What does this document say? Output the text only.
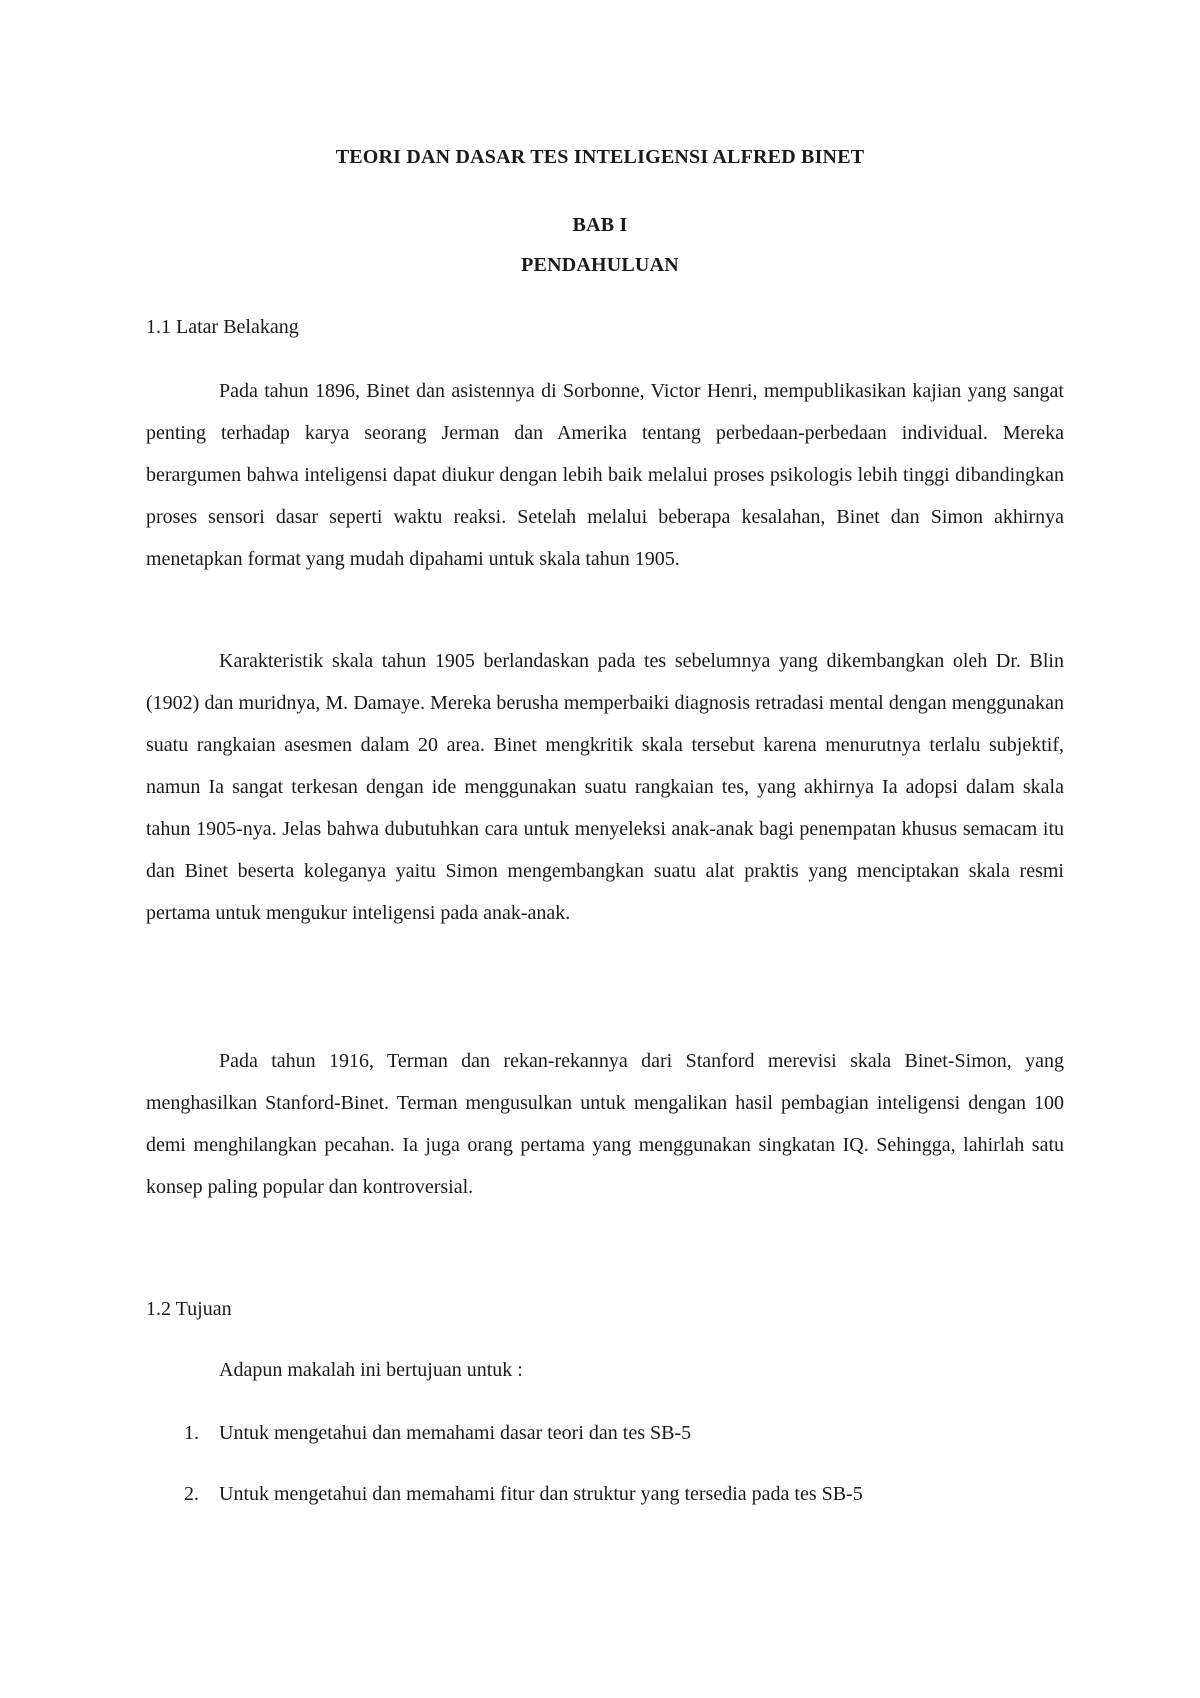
TEORI DAN DASAR TES INTELIGENSI ALFRED BINET
BAB I
PENDAHULUAN
1.1 Latar Belakang

Pada tahun 1896, Binet dan asistennya di Sorbonne, Victor Henri, mempublikasikan kajian yang sangat penting terhadap karya seorang Jerman dan Amerika tentang perbedaan-perbedaan individual. Mereka berargumen bahwa inteligensi dapat diukur dengan lebih baik melalui proses psikologis lebih tinggi dibandingkan proses sensori dasar seperti waktu reaksi. Setelah melalui beberapa kesalahan, Binet dan Simon akhirnya menetapkan format yang mudah dipahami untuk skala tahun 1905.

Karakteristik skala tahun 1905 berlandaskan pada tes sebelumnya yang dikembangkan oleh Dr. Blin (1902) dan muridnya, M. Damaye. Mereka berusha memperbaiki diagnosis retradasi mental dengan menggunakan suatu rangkaian asesmen dalam 20 area. Binet mengkritik skala tersebut karena menurutnya terlalu subjektif, namun Ia sangat terkesan dengan ide menggunakan suatu rangkaian tes, yang akhirnya Ia adopsi dalam skala tahun 1905-nya. Jelas bahwa dubutuhkan cara untuk menyeleksi anak-anak bagi penempatan khusus semacam itu dan Binet beserta koleganya yaitu Simon mengembangkan suatu alat praktis yang menciptakan skala resmi pertama untuk mengukur inteligensi pada anak-anak.

Pada tahun 1916, Terman dan rekan-rekannya dari Stanford merevisi skala Binet-Simon, yang menghasilkan Stanford-Binet. Terman mengusulkan untuk mengalikan hasil pembagian inteligensi dengan 100 demi menghilangkan pecahan. Ia juga orang pertama yang menggunakan singkatan IQ. Sehingga, lahirlah satu konsep paling popular dan kontroversial.

1.2 Tujuan

Adapun makalah ini bertujuan untuk :

1. Untuk mengetahui dan memahami dasar teori dan tes SB-5
2. Untuk mengetahui dan memahami fitur dan struktur yang tersedia pada tes SB-5
